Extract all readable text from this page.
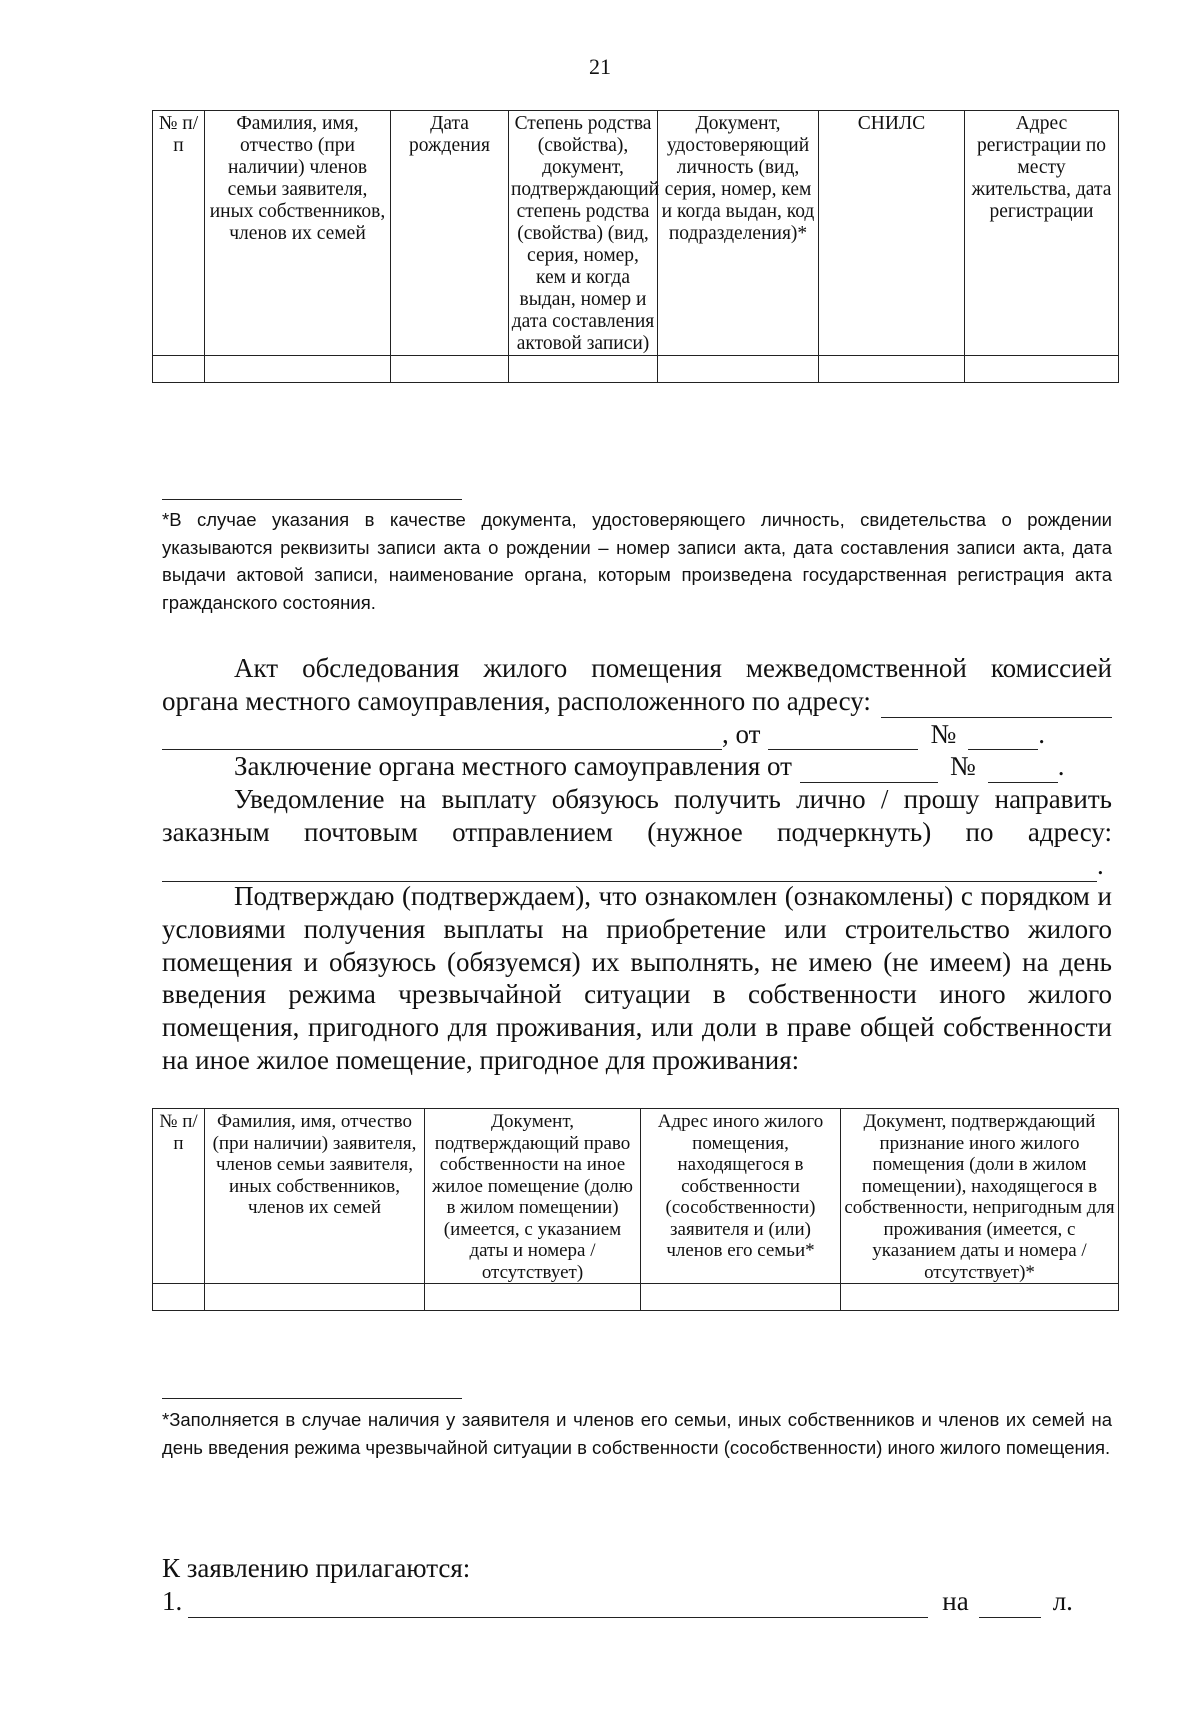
21
№ п/п	Фамилия, имя, отчество (при наличии) членов семьи заявителя, иных собственников, членов их семей	Дата рождения	Степень родства (свойства), документ, подтверждающий степень родства (свойства) (вид, серия, номер, кем и когда выдан, номер и дата составления актовой записи)	Документ, удостоверяющий личность (вид, серия, номер, кем и когда выдан, код подразделения)*	СНИЛС	Адрес регистрации по месту жительства, дата регистрации

*В случае указания в качестве документа, удостоверяющего личность, свидетельства о рождении указываются реквизиты записи акта о рождении – номер записи акта, дата составления записи акта, дата выдачи актовой записи, наименование органа, которым произведена государственная регистрация акта гражданского состояния.
Акт обследования жилого помещения межведомственной комиссией
органа местного самоуправления, расположенного по адресу:
, от	№	.
Заключение органа местного самоуправления от	№	.
Уведомление на выплату обязуюсь получить лично / прошу направить заказным почтовым отправлением (нужное подчеркнуть) по адресу:
.
Подтверждаю (подтверждаем), что ознакомлен (ознакомлены) с порядком и условиями получения выплаты на приобретение или строительство жилого помещения и обязуюсь (обязуемся) их выполнять, не имею (не имеем) на день введения режима чрезвычайной ситуации в собственности иного жилого помещения, пригодного для проживания, или доли в праве общей собственности на иное жилое помещение, пригодное для проживания:
№ п/п	Фамилия, имя, отчество (при наличии) заявителя, членов семьи заявителя, иных собственников, членов их семей	Документ, подтверждающий право собственности на иное жилое помещение (долю в жилом помещении) (имеется, с указанием даты и номера / отсутствует)	Адрес иного жилого помещения, находящегося в собственности (сособственности) заявителя и (или) членов его семьи*	Документ, подтверждающий признание иного жилого помещения (доли в жилом помещении), находящегося в собственности, непригодным для проживания (имеется, с указанием даты и номера / отсутствует)*

*Заполняется в случае наличия у заявителя и членов его семьи, иных собственников и членов их семей на день введения режима чрезвычайной ситуации в собственности (сособственности) иного жилого помещения.
К заявлению прилагаются:
1.	на	л.
